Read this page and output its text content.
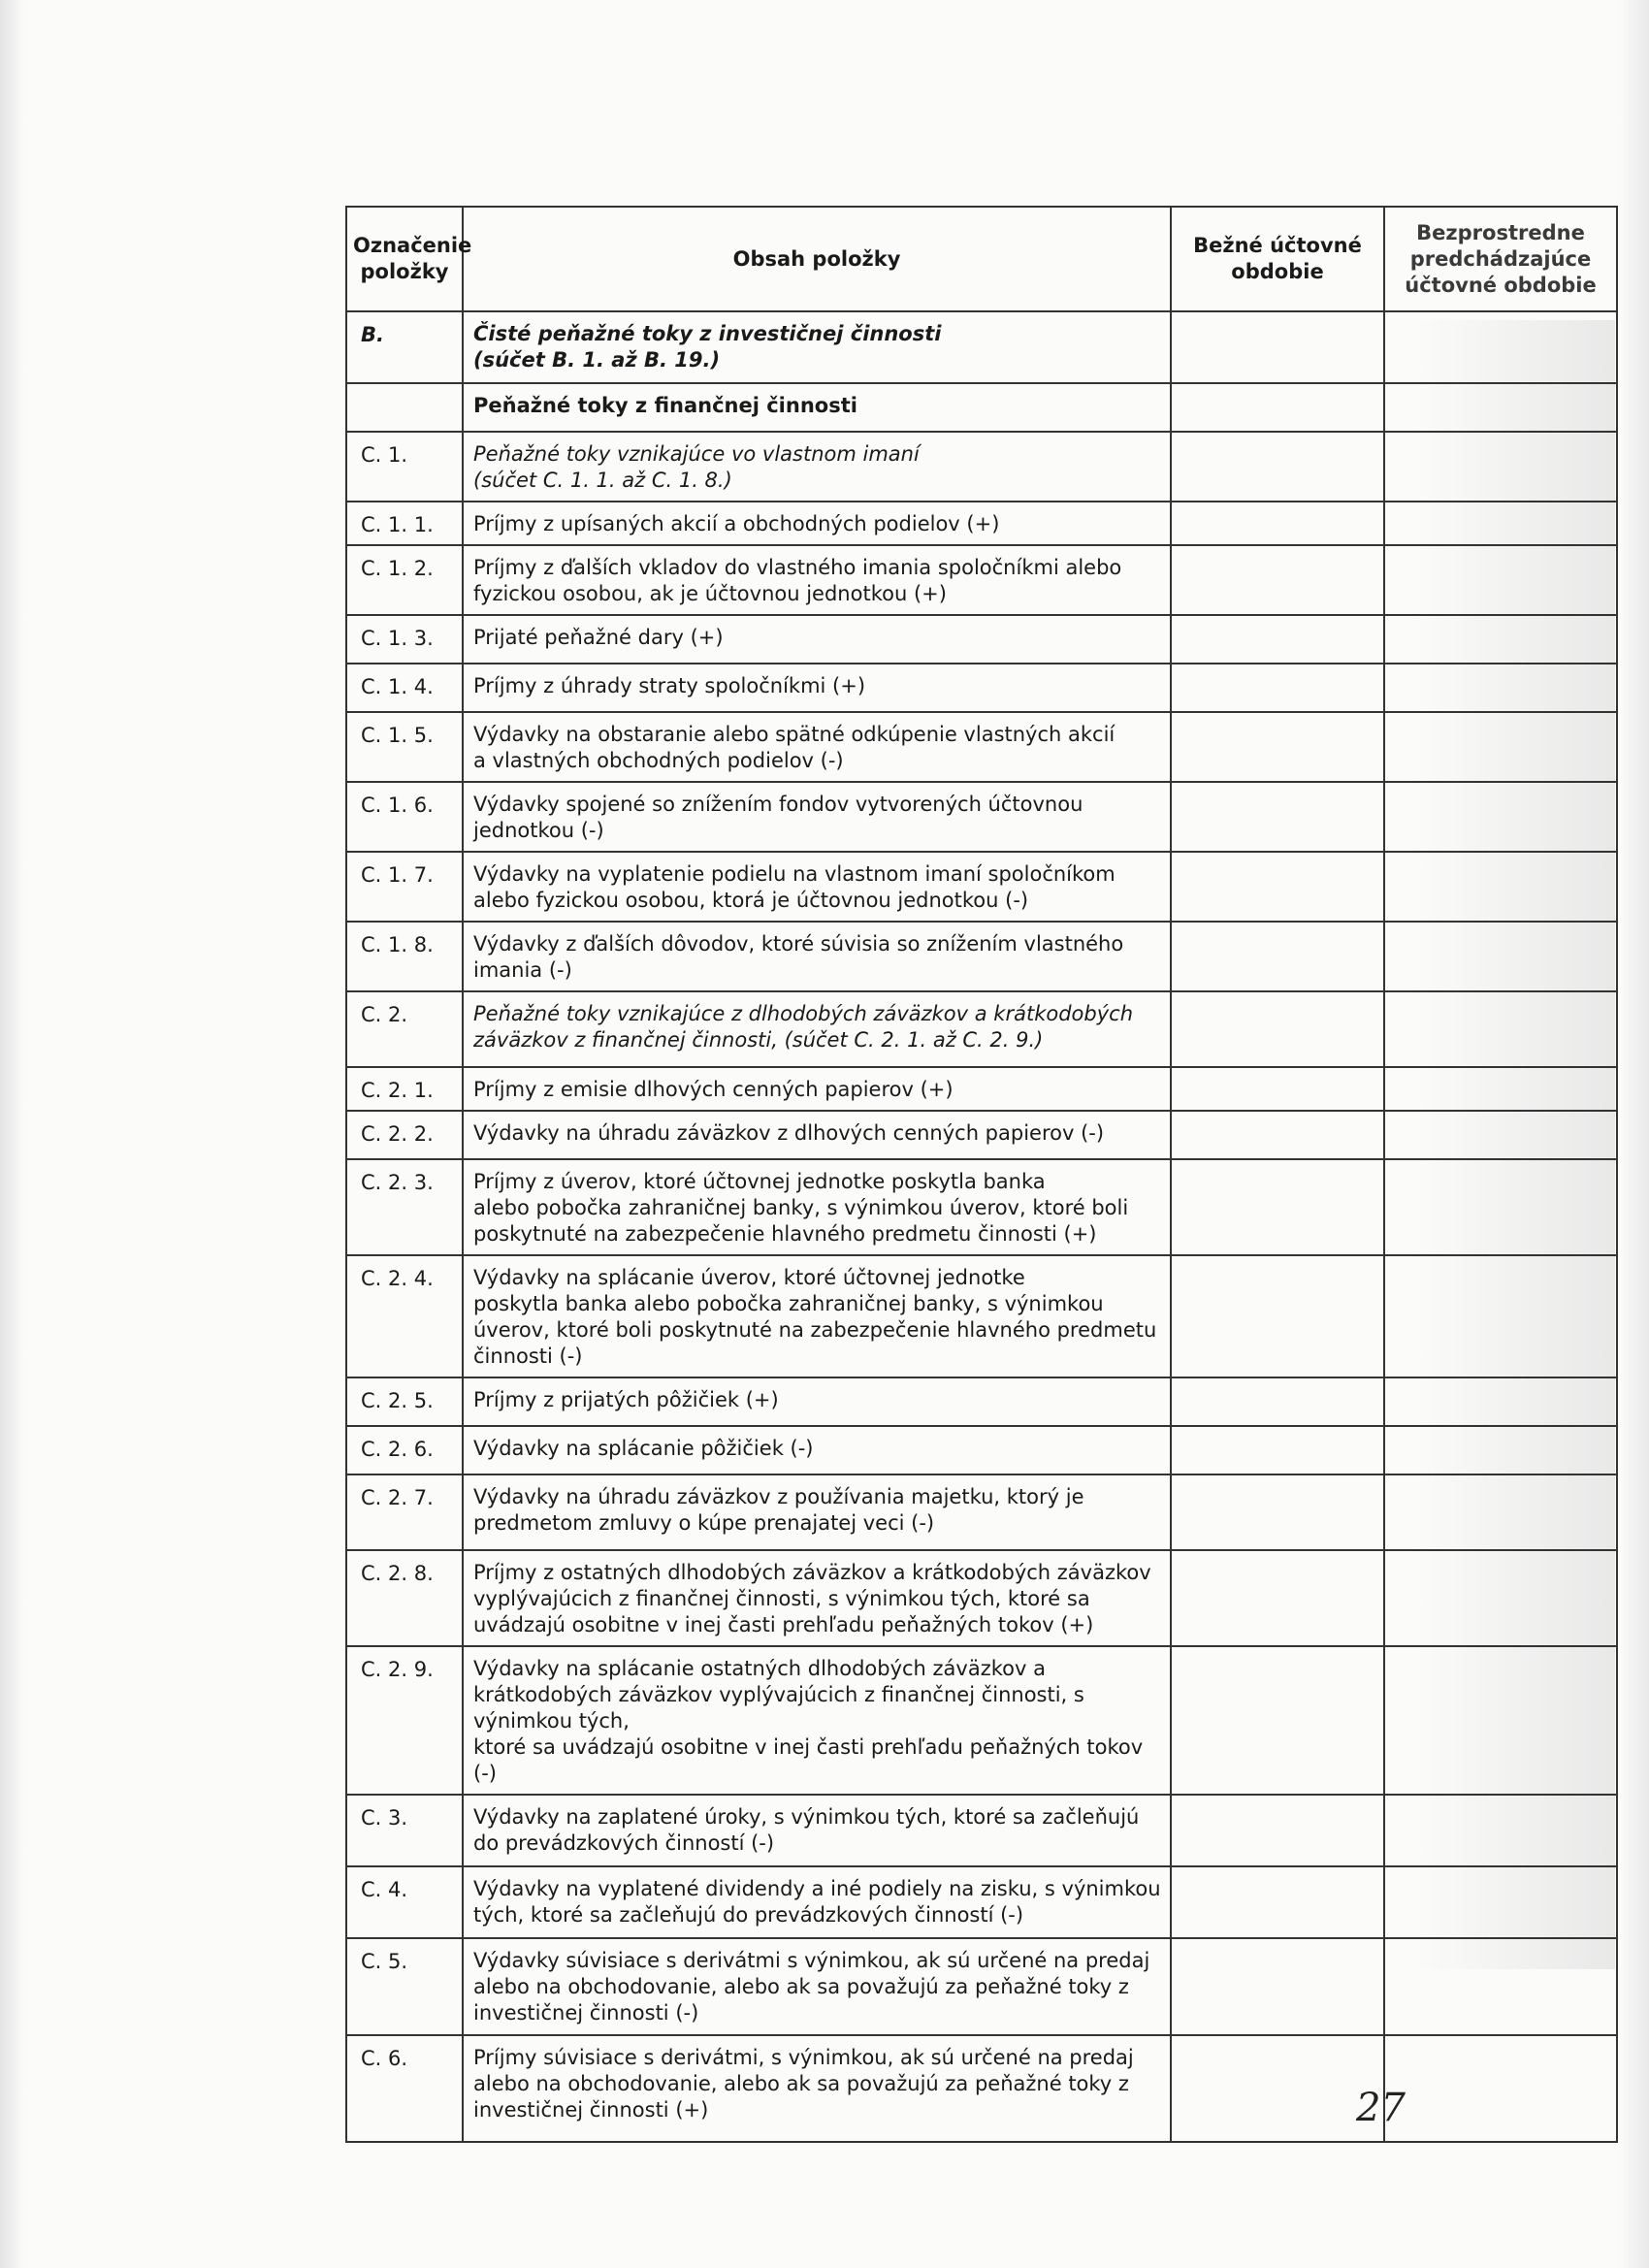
Označenie položky	Obsah položky	Bežné účtovné obdobie	Bezprostredne predchádzajúce účtovné obdobie
B.	Čisté peňažné toky z investičnej činnosti
(súčet B. 1. až B. 19.)		
	Peňažné toky z finančnej činnosti		
C. 1.	Peňažné toky vznikajúce vo vlastnom imaní
(súčet C. 1. 1. až C. 1. 8.)		
C. 1. 1.	Príjmy z upísaných akcií a obchodných podielov (+)		
C. 1. 2.	Príjmy z ďalších vkladov do vlastného imania spoločníkmi alebo fyzickou osobou, ak je účtovnou jednotkou (+)		
C. 1. 3.	Prijaté peňažné dary (+)		
C. 1. 4.	Príjmy z úhrady straty spoločníkmi (+)		
C. 1. 5.	Výdavky na obstaranie alebo spätné odkúpenie vlastných akcií
a vlastných obchodných podielov (-)		
C. 1. 6.	Výdavky spojené so znížením fondov vytvorených účtovnou jednotkou (-)		
C. 1. 7.	Výdavky na vyplatenie podielu na vlastnom imaní spoločníkom alebo fyzickou osobou, ktorá je účtovnou jednotkou (-)		
C. 1. 8.	Výdavky z ďalších dôvodov, ktoré súvisia so znížením vlastného imania (-)		
C. 2.	Peňažné toky vznikajúce z dlhodobých záväzkov a krátkodobých záväzkov z finančnej činnosti, (súčet C. 2. 1. až C. 2. 9.)		
C. 2. 1.	Príjmy z emisie dlhových cenných papierov (+)		
C. 2. 2.	Výdavky na úhradu záväzkov z dlhových cenných papierov (-)		
C. 2. 3.	Príjmy z úverov, ktoré účtovnej jednotke poskytla banka
alebo pobočka zahraničnej banky, s výnimkou úverov, ktoré boli poskytnuté na zabezpečenie hlavného predmetu činnosti (+)		
C. 2. 4.	Výdavky na splácanie úverov, ktoré účtovnej jednotke
poskytla banka alebo pobočka zahraničnej banky, s výnimkou úverov, ktoré boli poskytnuté na zabezpečenie hlavného predmetu činnosti (-)		
C. 2. 5.	Príjmy z prijatých pôžičiek (+)		
C. 2. 6.	Výdavky na splácanie pôžičiek (-)		
C. 2. 7.	Výdavky na úhradu záväzkov z používania majetku, ktorý je predmetom zmluvy o kúpe prenajatej veci (-)		
C. 2. 8.	Príjmy z ostatných dlhodobých záväzkov a krátkodobých záväzkov vyplývajúcich z finančnej činnosti, s výnimkou tých, ktoré sa uvádzajú osobitne v inej časti prehľadu peňažných tokov (+)		
C. 2. 9.	Výdavky na splácanie ostatných dlhodobých záväzkov a krátkodobých záväzkov vyplývajúcich z finančnej činnosti, s výnimkou tých,
ktoré sa uvádzajú osobitne v inej časti prehľadu peňažných tokov (-)		
C. 3.	Výdavky na zaplatené úroky, s výnimkou tých, ktoré sa začleňujú
do prevádzkových činností (-)		
C. 4.	Výdavky na vyplatené dividendy a iné podiely na zisku, s výnimkou tých, ktoré sa začleňujú do prevádzkových činností (-)		
C. 5.	Výdavky súvisiace s derivátmi s výnimkou, ak sú určené na predaj alebo na obchodovanie, alebo ak sa považujú za peňažné toky z investičnej činnosti (-)		
C. 6.	Príjmy súvisiace s derivátmi, s výnimkou, ak sú určené na predaj
alebo na obchodovanie, alebo ak sa považujú za peňažné toky z investičnej činnosti (+)			27
